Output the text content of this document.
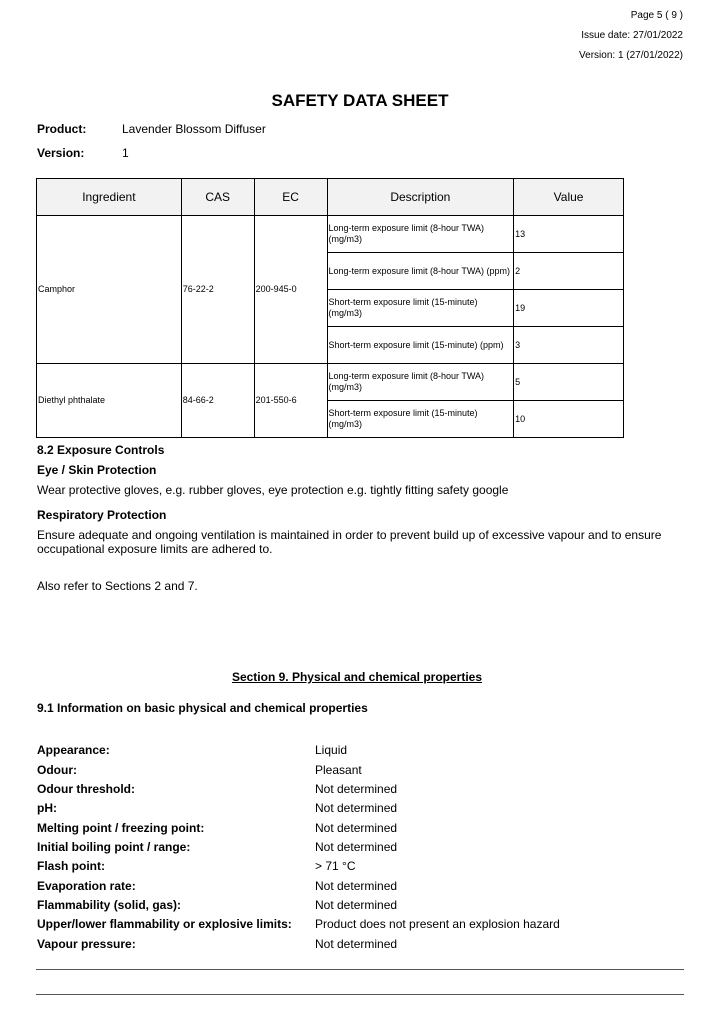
Page 5 ( 9 )
Issue date: 27/01/2022
Version: 1 (27/01/2022)
SAFETY DATA SHEET
Product:	Lavender Blossom Diffuser
Version:	1
Ingredient	CAS	EC	Description	Value
Camphor	76-22-2	200-945-0	Long-term exposure limit (8-hour TWA) (mg/m3)	13
			Long-term exposure limit (8-hour TWA) (ppm)	2
			Short-term exposure limit (15-minute) (mg/m3)	19
			Short-term exposure limit (15-minute) (ppm)	3
Diethyl phthalate	84-66-2	201-550-6	Long-term exposure limit (8-hour TWA) (mg/m3)	5
			Short-term exposure limit (15-minute) (mg/m3)	10
8.2 Exposure Controls
Eye / Skin Protection
Wear protective gloves, e.g. rubber gloves, eye protection e.g. tightly fitting safety google
Respiratory Protection
Ensure adequate and ongoing ventilation is maintained in order to prevent build up of excessive vapour and to ensure occupational exposure limits are adhered to.
Also refer to Sections 2 and 7.
Section 9. Physical and chemical properties
9.1 Information on basic physical and chemical properties
Appearance:	Liquid
Odour:	Pleasant
Odour threshold:	Not determined
pH:	Not determined
Melting point / freezing point:	Not determined
Initial boiling point / range:	Not determined
Flash point:	> 71 °C
Evaporation rate:	Not determined
Flammability (solid, gas):	Not determined
Upper/lower flammability or explosive limits: Product does not present an explosion hazard
Vapour pressure:	Not determined
